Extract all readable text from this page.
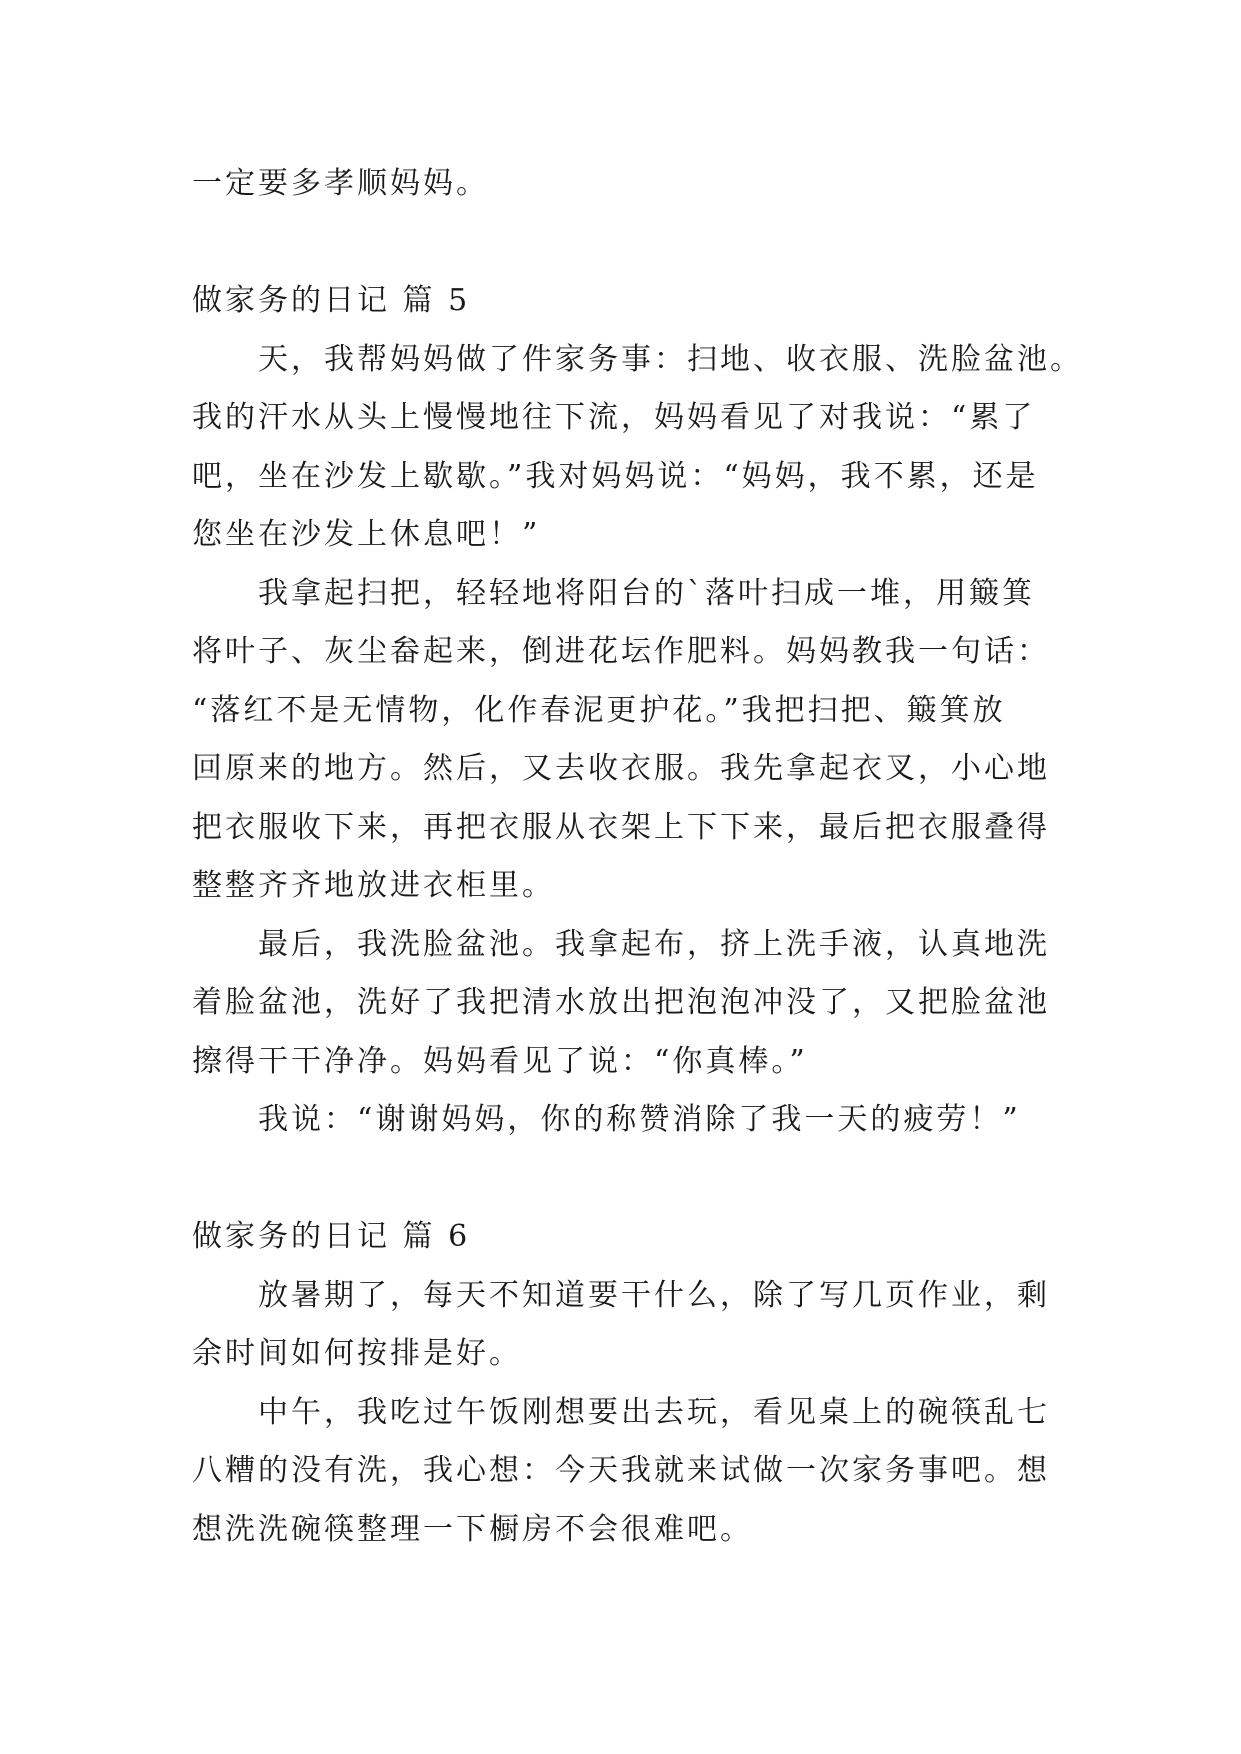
一定要多孝顺妈妈。
做家务的日记 篇 5
天，我帮妈妈做了件家务事：扫地、收衣服、洗脸盆池。
我的汗水从头上慢慢地往下流，妈妈看见了对我说：“累了
吧，坐在沙发上歇歇。”我对妈妈说：“妈妈，我不累，还是
您坐在沙发上休息吧！”
我拿起扫把，轻轻地将阳台的`落叶扫成一堆，用簸箕
将叶子、灰尘畚起来，倒进花坛作肥料。妈妈教我一句话：
“落红不是无情物，化作春泥更护花。”我把扫把、簸箕放
回原来的地方。然后，又去收衣服。我先拿起衣叉，小心地
把衣服收下来，再把衣服从衣架上下下来，最后把衣服叠得
整整齐齐地放进衣柜里。
最后，我洗脸盆池。我拿起布，挤上洗手液，认真地洗
着脸盆池，洗好了我把清水放出把泡泡冲没了，又把脸盆池
擦得干干净净。妈妈看见了说：“你真棒。”
我说：“谢谢妈妈，你的称赞消除了我一天的疲劳！”
做家务的日记 篇 6
放暑期了，每天不知道要干什么，除了写几页作业，剩
余时间如何按排是好。
中午，我吃过午饭刚想要出去玩，看见桌上的碗筷乱七
八糟的没有洗，我心想：今天我就来试做一次家务事吧。想
想洗洗碗筷整理一下橱房不会很难吧。
